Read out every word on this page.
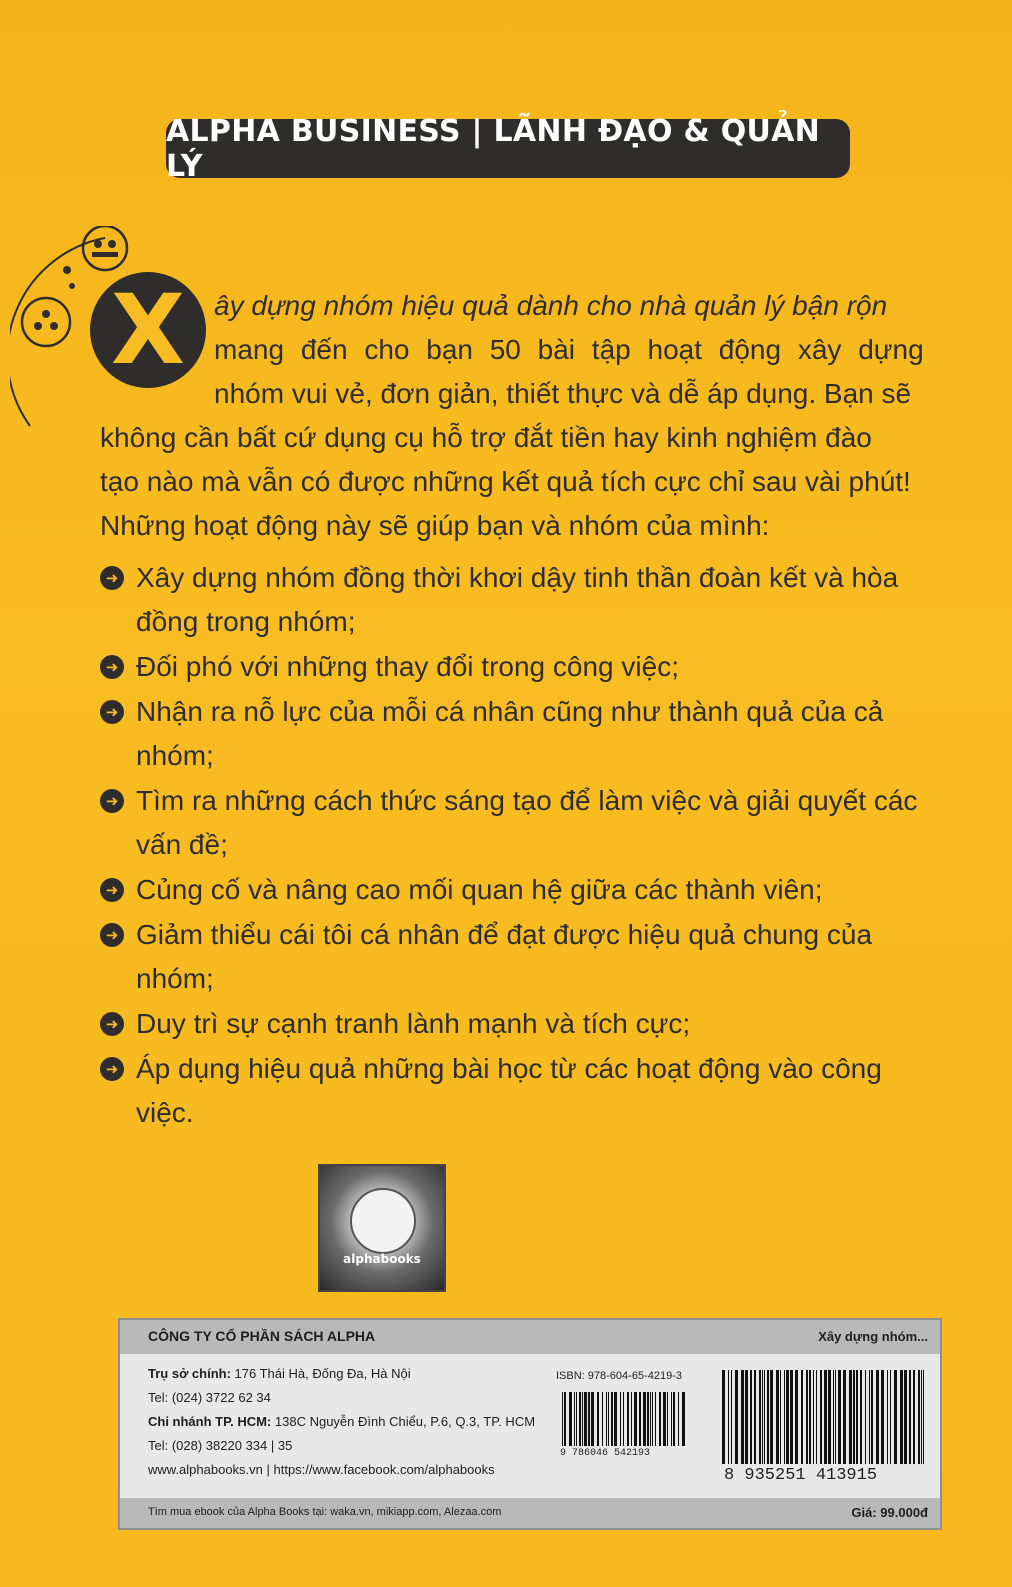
ALPHA BUSINESS | LÃNH ĐẠO & QUẢN LÝ
X	ây dựng nhóm hiệu quả dành cho nhà quản lý bận rộn
mang đến cho bạn 50 bài tập hoạt động xây dựng
nhóm vui vẻ, đơn giản, thiết thực và dễ áp dụng. Bạn sẽ
không cần bất cứ dụng cụ hỗ trợ đắt tiền hay kinh nghiệm đào
tạo nào mà vẫn có được những kết quả tích cực chỉ sau vài phút!
Những hoạt động này sẽ giúp bạn và nhóm của mình:
➜ Xây dựng nhóm đồng thời khơi dậy tinh thần đoàn kết và hòa đồng trong nhóm;
➜ Đối phó với những thay đổi trong công việc;
➜ Nhận ra nỗ lực của mỗi cá nhân cũng như thành quả của cả nhóm;
➜ Tìm ra những cách thức sáng tạo để làm việc và giải quyết các vấn đề;
➜ Củng cố và nâng cao mối quan hệ giữa các thành viên;
➜ Giảm thiểu cái tôi cá nhân để đạt được hiệu quả chung của nhóm;
➜ Duy trì sự cạnh tranh lành mạnh và tích cực;
➜ Áp dụng hiệu quả những bài học từ các hoạt động vào công việc.
alphabooks
CÔNG TY CỔ PHẦN SÁCH ALPHA	Xây dựng nhóm...
Trụ sở chính: 176 Thái Hà, Đống Đa, Hà Nội
Tel: (024) 3722 62 34
Chi nhánh TP. HCM: 138C Nguyễn Đình Chiểu, P.6, Q.3, TP. HCM
Tel: (028) 38220 334 | 35
www.alphabooks.vn | https://www.facebook.com/alphabooks
ISBN: 978-604-65-4219-3
9 786046 542193
8 935251 413915
Tìm mua ebook của Alpha Books tại: waka.vn, mikiapp.com, Alezaa.com	Giá: 99.000đ
